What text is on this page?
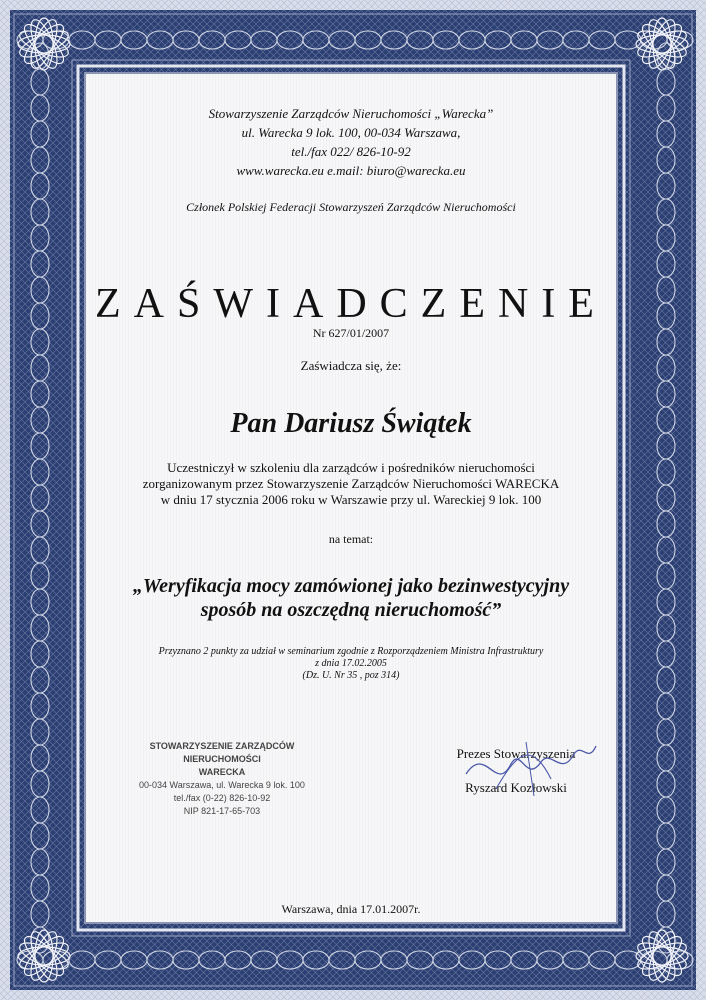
Stowarzyszenie Zarządców Nieruchomości „Warecka”
ul. Warecka 9 lok. 100, 00-034 Warszawa,
tel./fax 022/ 826-10-92
www.warecka.eu e.mail: biuro@warecka.eu
Członek Polskiej Federacji Stowarzyszeń Zarządców Nieruchomości
ZAŚWIADCZENIE
Nr 627/01/2007
Zaświadcza się, że:
Pan Dariusz Świątek
Uczestniczył w szkoleniu dla zarządców i pośredników nieruchomości
zorganizowanym przez Stowarzyszenie Zarządców Nieruchomości WARECKA
w dniu 17 stycznia 2006 roku w Warszawie przy ul. Wareckiej 9 lok. 100
na temat:
„Weryfikacja mocy zamówionej jako bezinwestycyjny
sposób na oszczędną nieruchomość”
Przyznano 2 punkty za udział w seminarium zgodnie z Rozporządzeniem Ministra Infrastruktury
z dnia 17.02.2005
(Dz. U. Nr 35 , poz 314)
STOWARZYSZENIE ZARZĄDCÓW NIERUCHOMOŚCI
WARECKA
00-034 Warszawa, ul. Warecka 9 lok. 100
tel./fax (0-22) 826-10-92
NIP 821-17-65-703
Prezes Stowarzyszenia
Ryszard Kozłowski
Warszawa, dnia 17.01.2007r.
